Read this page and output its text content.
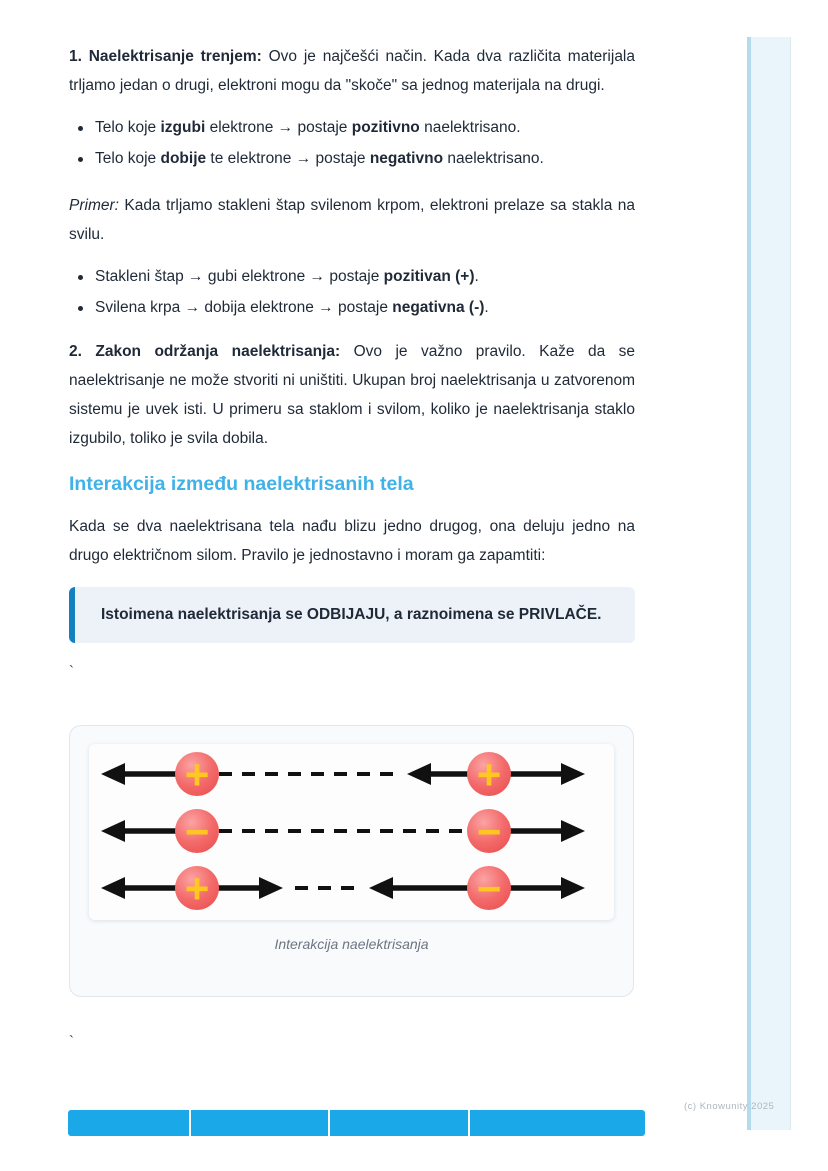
1. Naelektrisanje trenjem: Ovo je najčešći način. Kada dva različita materijala trljamo jedan o drugi, elektroni mogu da "skoče" sa jednog materijala na drugi.

Telo koje izgubi elektrone → postaje pozitivno naelektrisano.
Telo koje dobije te elektrone → postaje negativno naelektrisano.

Primer: Kada trljamo stakleni štap svilenom krpom, elektroni prelaze sa stakla na svilu.

Stakleni štap → gubi elektrone → postaje pozitivan (+).
Svilena krpa → dobija elektrone → postaje negativna (-).

2. Zakon održanja naelektrisanja: Ovo je važno pravilo. Kaže da se naelektrisanje ne može stvoriti ni uništiti. Ukupan broj naelektrisanja u zatvorenom sistemu je uvek isti. U primeru sa staklom i svilom, koliko je naelektrisanja staklo izgubilo, toliko je svila dobila.

Interakcija između naelektrisanih tela

Kada se dva naelektrisana tela nađu blizu jedno drugog, ona deluju jedno na drugo električnom silom. Pravilo je jednostavno i moram ga zapamtiti:

Istoimena naelektrisanja se ODBIJAJU, a raznoimena se PRIVLAČE.

`
+	+
−	−
+	−
Interakcija naelektrisanja
`
(c) Knowunity 2025
